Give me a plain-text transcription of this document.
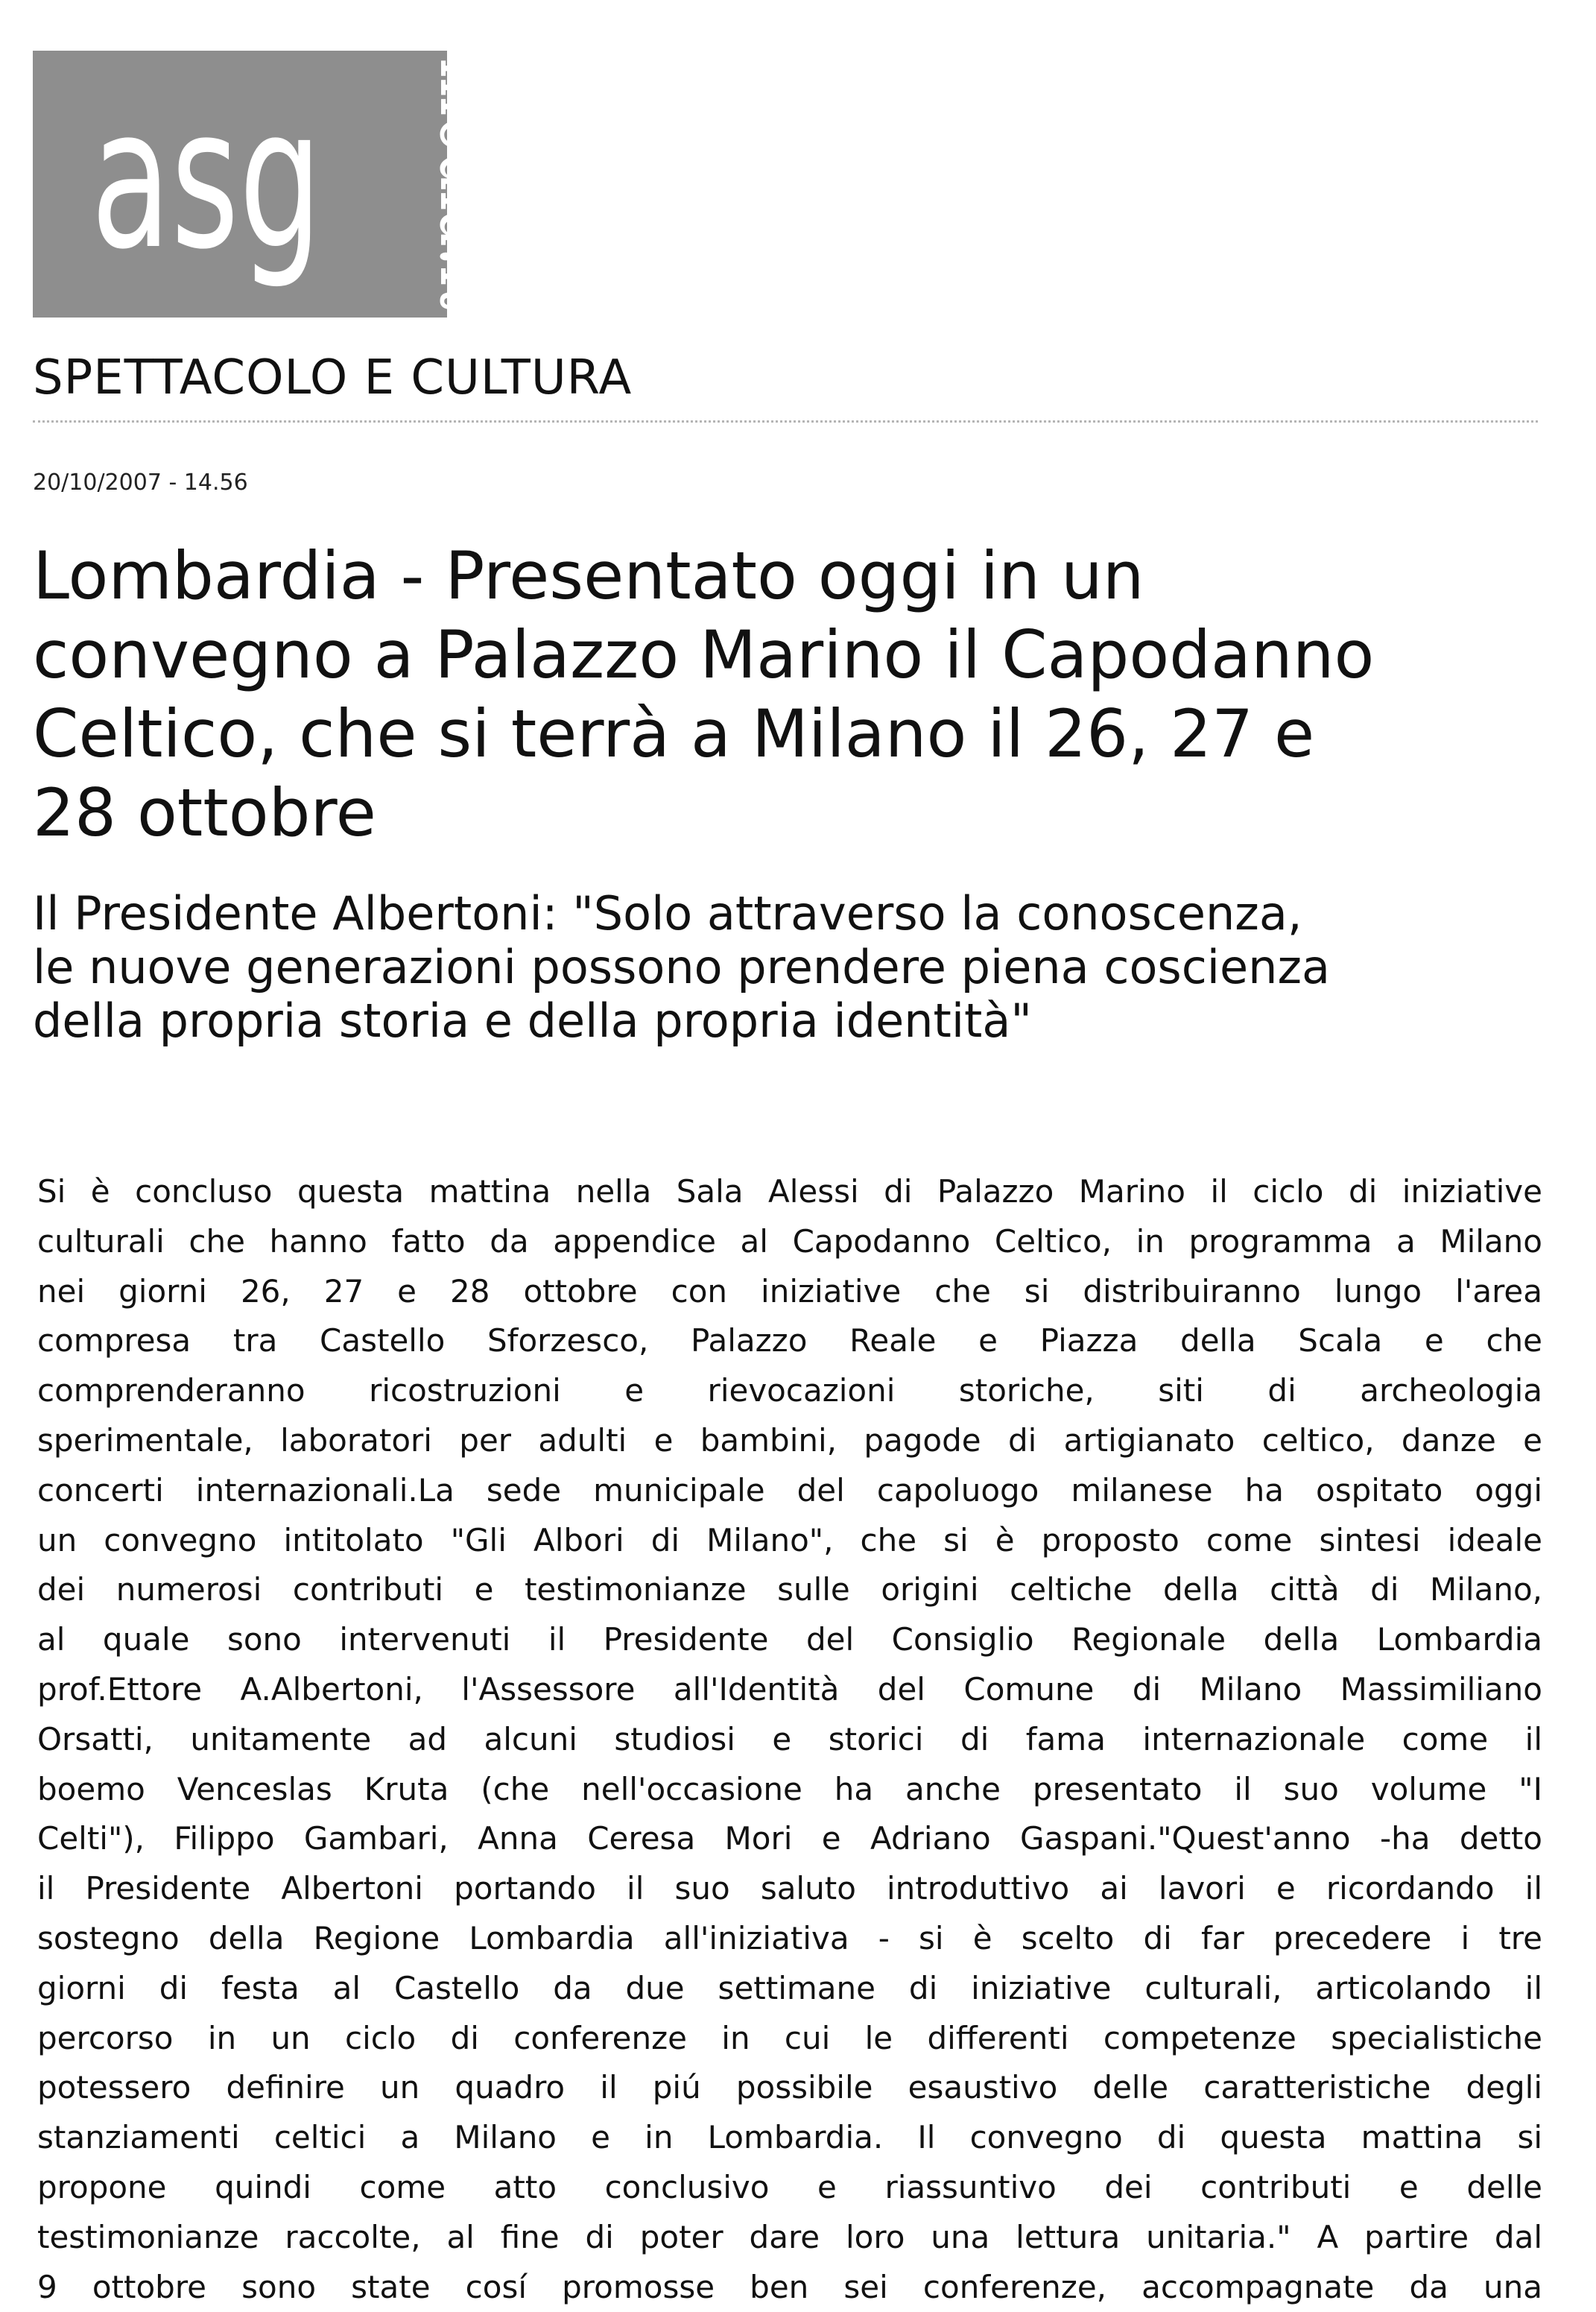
asg media.it
SPETTACOLO E CULTURA
20/10/2007 - 14.56
Lombardia - Presentato oggi in un
convegno a Palazzo Marino il Capodanno
Celtico, che si terrà a Milano il 26, 27 e
28 ottobre
Il Presidente Albertoni: "Solo attraverso la conoscenza,
le nuove generazioni possono prendere piena coscienza
della propria storia e della propria identità"
Si è concluso questa mattina nella Sala Alessi di Palazzo Marino il ciclo di iniziative
culturali che hanno fatto da appendice al Capodanno Celtico, in programma a Milano
nei giorni 26, 27 e 28 ottobre con iniziative che si distribuiranno lungo l'area
compresa tra Castello Sforzesco, Palazzo Reale e Piazza della Scala e che
comprenderanno ricostruzioni e rievocazioni storiche, siti di archeologia
sperimentale, laboratori per adulti e bambini, pagode di artigianato celtico, danze e
concerti internazionali.La sede municipale del capoluogo milanese ha ospitato oggi
un convegno intitolato "Gli Albori di Milano", che si è proposto come sintesi ideale
dei numerosi contributi e testimonianze sulle origini celtiche della città di Milano,
al quale sono intervenuti il Presidente del Consiglio Regionale della Lombardia
prof.Ettore A.Albertoni, l'Assessore all'Identità del Comune di Milano Massimiliano
Orsatti, unitamente ad alcuni studiosi e storici di fama internazionale come il
boemo Venceslas Kruta (che nell'occasione ha anche presentato il suo volume "I
Celti"), Filippo Gambari, Anna Ceresa Mori e Adriano Gaspani."Quest'anno -ha detto
il Presidente Albertoni portando il suo saluto introduttivo ai lavori e ricordando il
sostegno della Regione Lombardia all'iniziativa - si è scelto di far precedere i tre
giorni di festa al Castello da due settimane di iniziative culturali, articolando il
percorso in un ciclo di conferenze in cui le differenti competenze specialistiche
potessero definire un quadro il piú possibile esaustivo delle caratteristiche degli
stanziamenti celtici a Milano e in Lombardia. Il convegno di questa mattina si
propone quindi come atto conclusivo e riassuntivo dei contributi e delle
testimonianze raccolte, al fine di poter dare loro una lettura unitaria." A partire dal
9 ottobre sono state cosí promosse ben sei conferenze, accompagnate da una
